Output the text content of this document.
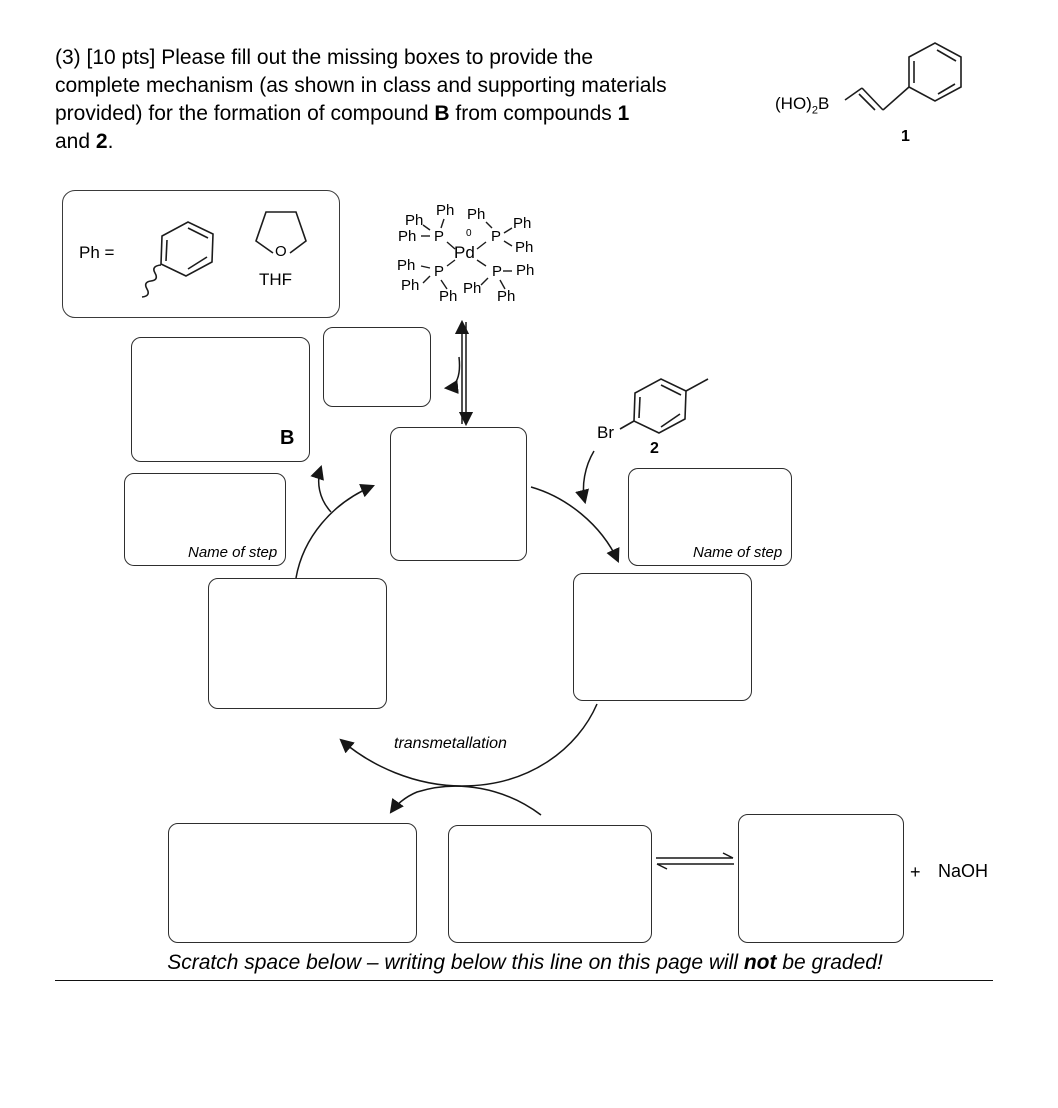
(3) [10 pts] Please fill out the missing boxes to provide the
complete mechanism (as shown in class and supporting materials
provided) for the formation of compound B from compounds 1
and 2.
$(HO)_2B$
B
Name of step	Name of step
transmetallation
Ph =
THF
O
Br
2
1
+ NaOH
Ph
Ph
Ph P 0
Ph
P
Ph
Ph
Pd
Ph P
Ph
Ph
P Ph
Ph Ph
Scratch space below – writing below this line on this page will not be graded!
